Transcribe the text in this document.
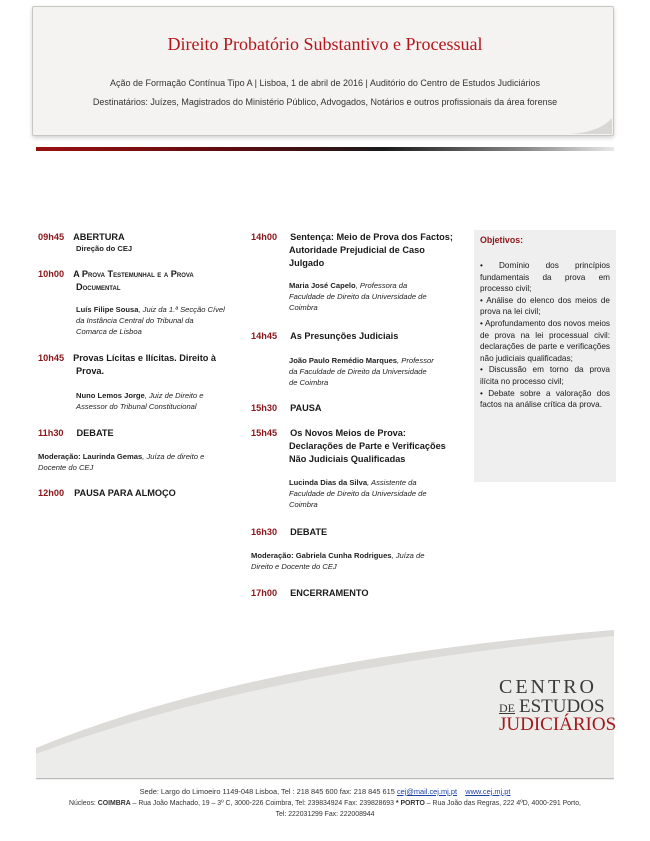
Direito Probatório Substantivo e Processual
Ação de Formação Contínua Tipo A | Lisboa, 1 de abril de 2016 | Auditório do Centro de Estudos Judiciários
Destinatários: Juízes, Magistrados do Ministério Público, Advogados, Notários e outros profissionais da área forense
09h45 ABERTURA
Direção do CEJ
10h00 A Prova Testemunhal e a Prova
Documental
Luís Filipe Sousa, Juiz da 1.ª Secção Cível
da Instância Central do Tribunal da
Comarca de Lisboa
10h45 Provas Lícitas e Ilícitas. Direito à
Prova.
Nuno Lemos Jorge, Juiz de Direito e
Assessor do Tribunal Constitucional
11h30 DEBATE
Moderação: Laurinda Gemas, Juíza de direito e
Docente do CEJ
12h00 PAUSA PARA ALMOÇO
14h00 Sentença: Meio de Prova dos Factos;
Autoridade Prejudicial de Caso
Julgado
Maria José Capelo, Professora da
Faculdade de Direito da Universidade de
Coimbra
14h45 As Presunções Judiciais
João Paulo Remédio Marques, Professor
da Faculdade de Direito da Universidade
de Coimbra
15h30 PAUSA
15h45 Os Novos Meios de Prova:
Declarações de Parte e Verificações
Não Judiciais Qualificadas
Lucinda Dias da Silva, Assistente da
Faculdade de Direito da Universidade de
Coimbra
16h30 DEBATE
Moderação: Gabriela Cunha Rodrigues, Juíza de
Direito e Docente do CEJ
17h00 ENCERRAMENTO
Objetivos:

• Domínio dos princípios fundamentais da prova em processo civil;

• Análise do elenco dos meios de prova na lei civil;

• Aprofundamento dos novos meios de prova na lei processual civil: declarações de parte e verificações não judiciais qualificadas;

• Discussão em torno da prova ilícita no processo civil;

• Debate sobre a valoração dos factos na análise crítica da prova.

CENTRO
DE ESTUDOS
JUDICIÁRIOS
Sede: Largo do Limoeiro 1149-048 Lisboa, Tel : 218 845 600 fax: 218 845 615 cej@mail.cej.mj.pt www.cej.mj.pt
Núcleos: COIMBRA – Rua João Machado, 19 – 3º C, 3000-226 Coimbra, Tel: 239834924 Fax: 239828693 * PORTO – Rua João das Regras, 222 4ºD, 4000-291 Porto,
Tel: 222031299 Fax: 222008944
